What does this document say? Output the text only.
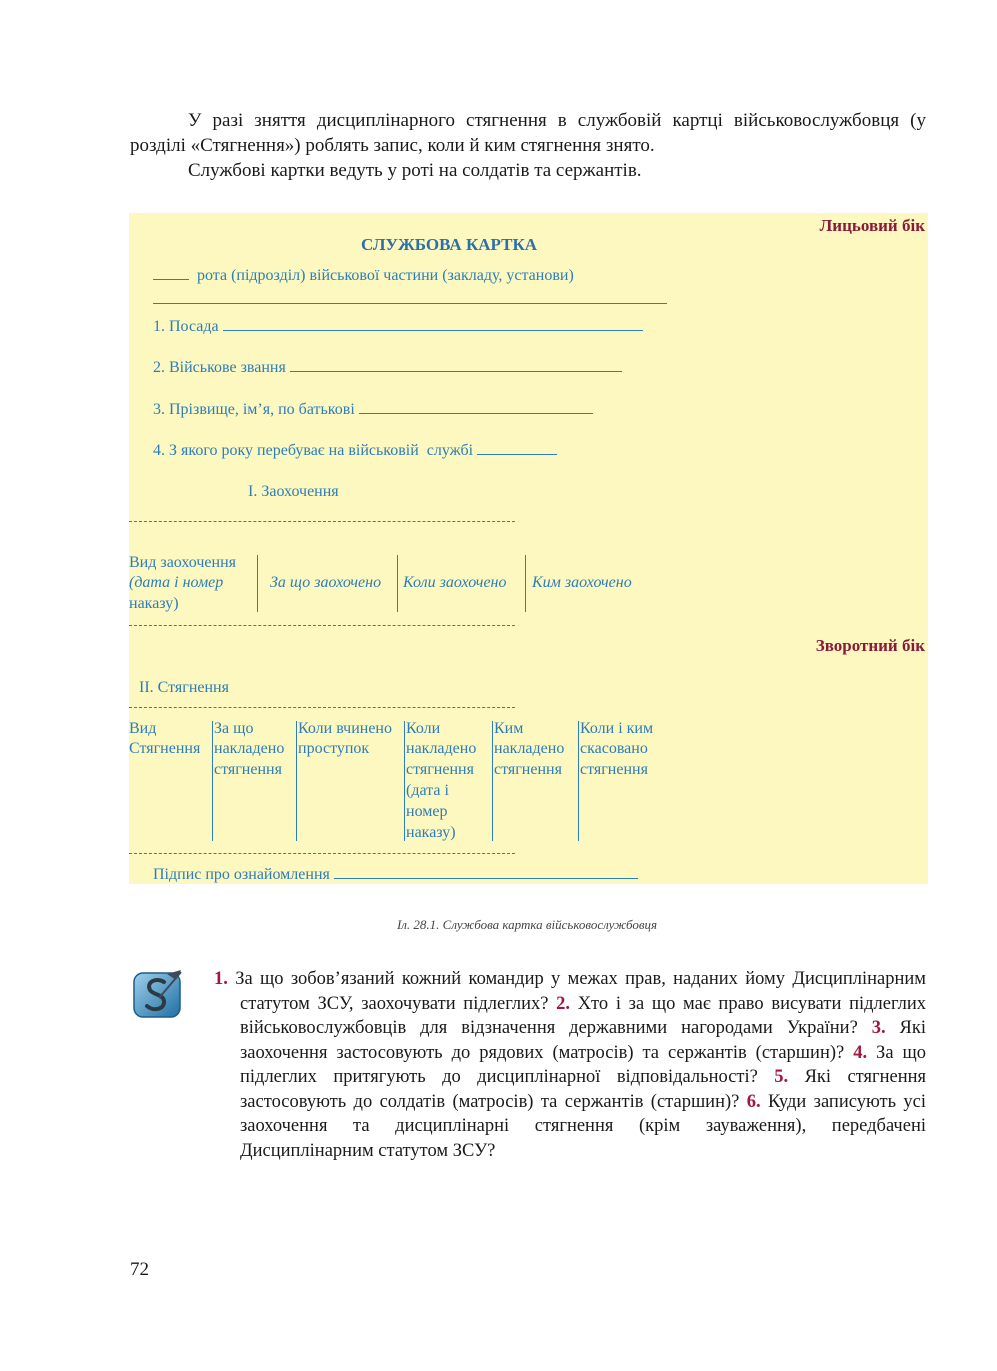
У разі зняття дисциплінарного стягнення в службовій картці військовослужбовця (у розділі «Стягнення») роблять запис, коли й ким стягнення знято.

Службові картки ведуть у роті на солдатів та сержантів.

Лицьовий бік
СЛУЖБОВА КАРТКА
рота (підрозділ) військової частини (закладу, установи)
1. Посада
2. Військове звання
3. Прізвище, ім’я, по батькові
4. З якого року перебуває на військовій  службі
I. Заохочення
Вид заохочення
(дата і номер
наказу)
За що заохочено Коли заохочено Ким заохочено
Зворотний бік
II. Стягнення
Вид
Стягнення
За що
накладено
стягнення
Коли вчинено
проступок
Коли
накладено
стягнення
(дата і
номер
наказу)
Ким
накладено
стягнення
Коли і ким
скасовано
стягнення
Підпис про ознайомлення
Іл. 28.1. Службова картка військовослужбовця

1. За що зобов’язаний кожний командир у межах прав, наданих йому Дисциплінарним статутом ЗСУ, заохочувати підлеглих? 2. Хто і за що має право висувати підлеглих військовослужбовців для відзначення державними нагородами України? 3. Які заохочення застосовують до рядових (матросів) та сержантів (старшин)? 4. За що підлеглих притягують до дисциплінарної відповідальності? 5. Які стягнення застосовують до солдатів (матросів) та сержантів (старшин)? 6. Куди записують усі заохочення та дисциплінарні стягнення (крім зауваження), передбачені Дисциплінарним статутом ЗСУ?

72
